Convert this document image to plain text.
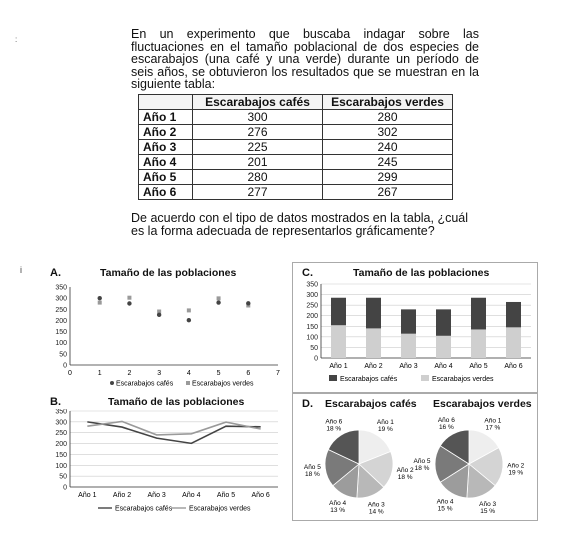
:
i

En un experimento que buscaba indagar sobre las fluctuaciones en el tamaño poblacional de dos especies de escarabajos (una café y una verde) durante un período de seis años, se obtuvieron los resultados que se muestran en la siguiente tabla:

	Escarabajos cafés	Escarabajos verdes
Año 1	300	280
Año 2	276	302
Año 3	225	240
Año 4	201	245
Año 5	280	299
Año 6	277	267

De acuerdo con el tipo de datos mostrados en la tabla, ¿cuál es la forma adecuada de representarlos gráficamente?

A.	Tamaño de las poblaciones
0
50
100
150
200
250
300
350
0	1	2	3	4	5	6	7
Escarabajos cafés	Escarabajos verdes
B.	Tamaño de las poblaciones
0
50
100
150
200
250
300
350
Año 1 Año 2 Año 3 Año 4 Año 5 Año 6
Escarabajos cafés Escarabajos verdes
C.	Tamaño de las poblaciones
0
50
100
150
200
250
300
350
Año 1 Año 2 Año 3 Año 4 Año 5 Año 6
Escarabajos cafés	Escarabajos verdes
D. Escarabajos cafés Escarabajos verdes
Año 1
19 %
Año 2
18 %
Año 3
14 %
Año 4
13 %
Año 5
18 %
Año 6
18 %
Año 1
17 %
Año 2
19 %
Año 3
15 %
Año 4
15 %
Año 5
18 %
Año 6
16 %
